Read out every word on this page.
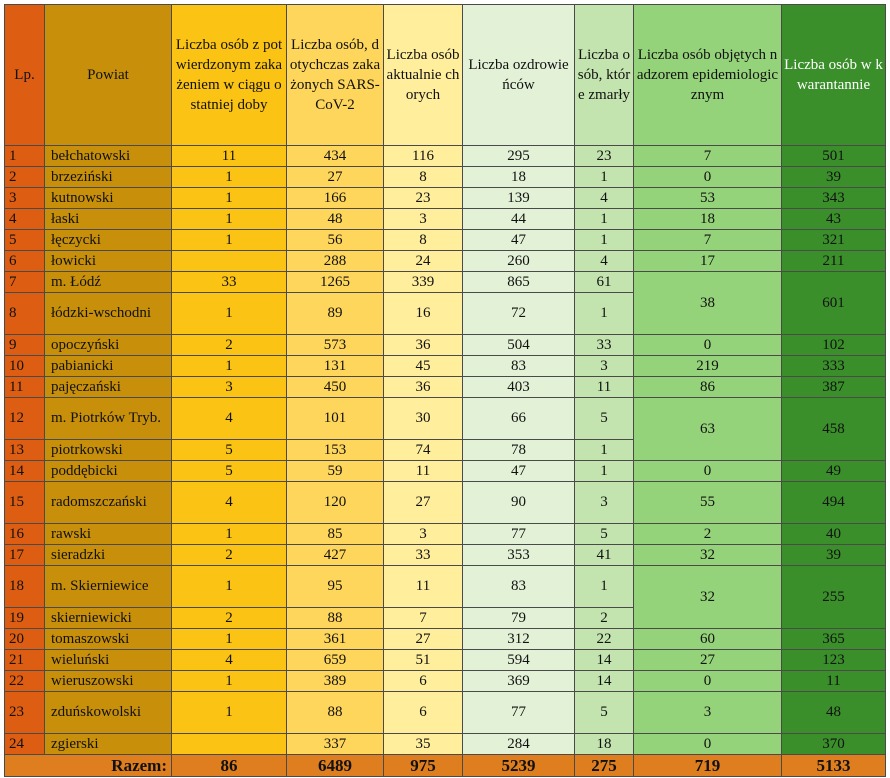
Lp.	Powiat	Liczba osób z potwierdzonym zakażeniem w ciągu ostatniej doby	Liczba osób, dotychczas zakażonych SARS-CoV-2	Liczba osób aktualnie chorych	Liczba ozdrowieńców	Liczba osób, które zmarły	Liczba osób objętych nadzorem epidemiologicznym	Liczba osób w kwarantannie
1	bełchatowski	11	434	116	295	23	7	501
2	brzeziński	1	27	8	18	1	0	39
3	kutnowski	1	166	23	139	4	53	343
4	łaski	1	48	3	44	1	18	43
5	łęczycki	1	56	8	47	1	7	321
6	łowicki		288	24	260	4	17	211
7	m. Łódź	33	1265	339	865	61	38	601
8	łódzki-wschodni	1	89	16	72	1		
9	opoczyński	2	573	36	504	33	0	102
10	pabianicki	1	131	45	83	3	219	333
11	pajęczański	3	450	36	403	11	86	387
12	m. Piotrków Tryb.	4	101	30	66	5	63	458
13	piotrkowski	5	153	74	78	1		
14	poddębicki	5	59	11	47	1	0	49
15	radomszczański	4	120	27	90	3	55	494
16	rawski	1	85	3	77	5	2	40
17	sieradzki	2	427	33	353	41	32	39
18	m. Skierniewice	1	95	11	83	1	32	255
19	skierniewicki	2	88	7	79	2		
20	tomaszowski	1	361	27	312	22	60	365
21	wieluński	4	659	51	594	14	27	123
22	wieruszowski	1	389	6	369	14	0	11
23	zduńskowolski	1	88	6	77	5	3	48
24	zgierski		337	35	284	18	0	370
Razem:		86	6489	975	5239	275	719	5133
